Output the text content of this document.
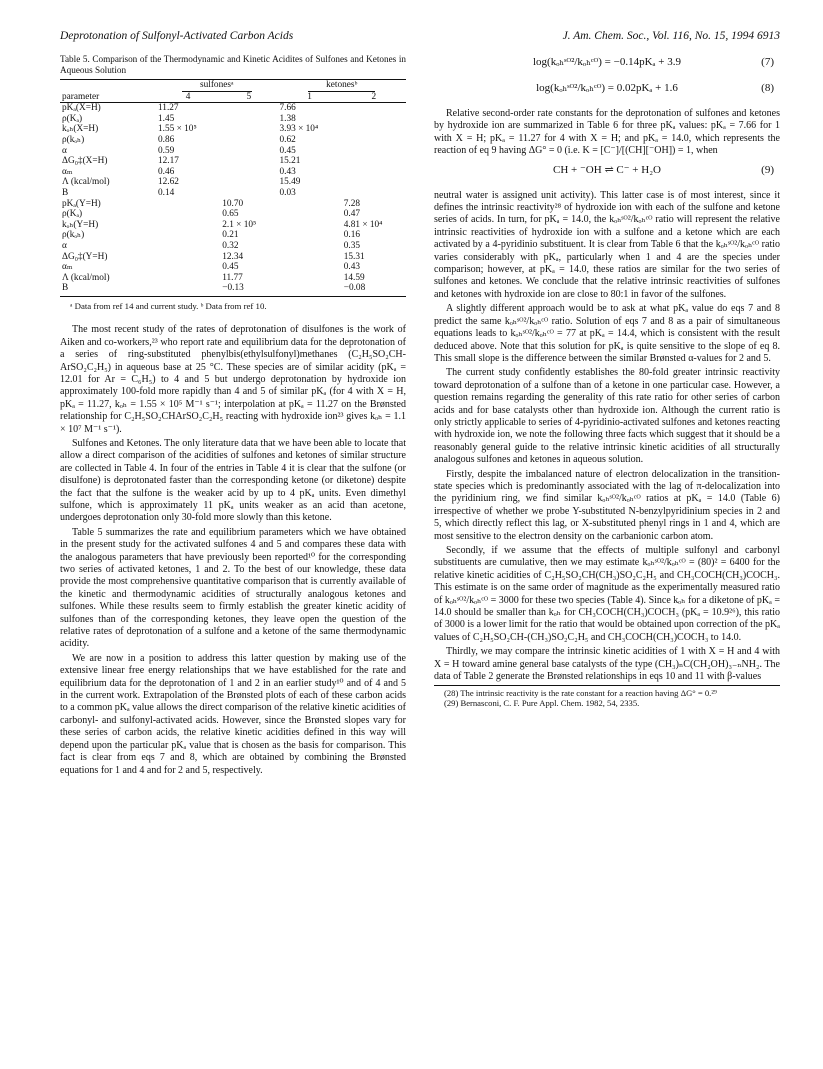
Deprotonation of Sulfonyl-Activated Carbon Acids	J. Am. Chem. Soc., Vol. 116, No. 15, 1994 6913
Table 5. Comparison of the Thermodynamic and Kinetic Acidites of Sulfones and Ketones in Aqueous Solution
	sulfonesᵃ		ketonesᵇ	
parameter	4	5	1	2
pKₐ(X=H)	11.27		7.66	
ρ(Kₐ)	1.45		1.38	
kₒₕ(X=H)	1.55 × 10⁵		3.93 × 10⁴	
ρ(kₒₕ)	0.86		0.62	
α	0.59		0.45	
ΔG₀‡(X=H)	12.17		15.21	
αₘ	0.46		0.43	
Λ (kcal/mol)	12.62		15.49	
B	0.14		0.03	
pKₐ(Y=H)		10.70		7.28
ρ(Kₐ)		0.65		0.47
kₒₕ(Y=H)		2.1 × 10⁵		4.81 × 10⁴
ρ(kₒₕ)		0.21		0.16
α		0.32		0.35
ΔG₀‡(Y=H)		12.34		15.31
αₘ		0.45		0.43
Λ (kcal/mol)		11.77		14.59
B		−0.13		−0.08
ᵃ Data from ref 14 and current study. ᵇ Data from ref 10.

The most recent study of the rates of deprotonation of disulfones is the work of Aiken and co-workers,²³ who report rate and equilibrium data for the deprotonation of a series of ring-substituted phenylbis(ethylsulfonyl)methanes (C₂H₅SO₂CH-ArSO₂C₂H₅) in aqueous base at 25 °C. These species are of similar acidity (pKₐ = 12.01 for Ar = C₆H₅) to 4 and 5 but undergo deprotonation by hydroxide ion approximately 100-fold more rapidly than 4 and 5 of similar pKₐ (for 4 with X = H, pKₐ = 11.27, kₒₕ = 1.55 × 10⁵ M⁻¹ s⁻¹; interpolation at pKₐ = 11.27 on the Brønsted relationship for C₂H₅SO₂CHArSO₂C₂H₅ reacting with hydroxide ion²³ gives kₒₕ = 1.1 × 10⁷ M⁻¹ s⁻¹).

Sulfones and Ketones. The only literature data that we have been able to locate that allow a direct comparison of the acidities of sulfones and ketones of similar structure are collected in Table 4. In four of the entries in Table 4 it is clear that the sulfone (or disulfone) is deprotonated faster than the corresponding ketone (or diketone) despite the fact that the sulfone is the weaker acid by up to 4 pKₐ units. Even dimethyl sulfone, which is approximately 11 pKₐ units weaker as an acid than acetone, undergoes deprotonation only 30-fold more slowly than this ketone.

Table 5 summarizes the rate and equilibrium parameters which we have obtained in the present study for the activated sulfones 4 and 5 and compares these data with the analogous parameters that have previously been reported¹⁰ for the corresponding two series of activated ketones, 1 and 2. To the best of our knowledge, these data provide the most comprehensive quantitative comparison that is currently available of the kinetic and thermodynamic acidities of structurally analogous ketones and sulfones. While these results seem to firmly establish the greater kinetic acidity of sulfones than of the corresponding ketones, they leave open the question of the relative rates of deprotonation of a sulfone and a ketone of the same thermodynamic acidity.

We are now in a position to address this latter question by making use of the extensive linear free energy relationships that we have established for the rate and equilibrium data for the deprotonation of 1 and 2 in an earlier study¹⁰ and of 4 and 5 in the current work. Extrapolation of the Brønsted plots of each of these carbon acids to a common pKₐ value allows the direct comparison of the relative kinetic acidities of carbonyl- and sulfonyl-activated acids. However, since the Brønsted slopes vary for these series of carbon acids, the relative kinetic acidities defined in this way will depend upon the particular pKₐ value that is chosen as the basis for comparison. This fact is clear from eqs 7 and 8, which are obtained by combining the Brønsted equations for 1 and 4 and for 2 and 5, respectively.

log(kₒₕˢᴼ²/kₒₕᶜᴼ) = −0.14pKₐ + 3.9	(7)
log(kₒₕˢᴼ²/kₒₕᶜᴼ) = 0.02pKₐ + 1.6	(8)

Relative second-order rate constants for the deprotonation of sulfones and ketones by hydroxide ion are summarized in Table 6 for three pKₐ values: pKₐ = 7.66 for 1 with X = H; pKₐ = 11.27 for 4 with X = H; and pKₐ = 14.0, which represents the reaction of eq 9 having ΔG° = 0 (i.e. K = [C⁻]/[(CH][⁻OH]) = 1, when

CH + ⁻OH ⇌ C⁻ + H₂O	(9)

neutral water is assigned unit activity). This latter case is of most interest, since it defines the intrinsic reactivity²⁸ of hydroxide ion with each of the sulfone and ketone series of acids. In turn, for pKₐ = 14.0, the kₒₕˢᴼ²/kₒₕᶜᴼ ratio will represent the relative intrinsic reactivities of hydroxide ion with a sulfone and a ketone which are each activated by a 4-pyridinio substituent. It is clear from Table 6 that the kₒₕˢᴼ²/kₒₕᶜᴼ ratio varies considerably with pKₐ, particularly when 1 and 4 are the species under comparison; however, at pKₐ = 14.0, these ratios are similar for the two series of sulfones and ketones. We conclude that the relative intrinsic reactivities of sulfones and ketones with hydroxide ion are close to 80:1 in favor of the sulfones.

A slightly different approach would be to ask at what pKₐ value do eqs 7 and 8 predict the same kₒₕˢᴼ²/kₒₕᶜᴼ ratio. Solution of eqs 7 and 8 as a pair of simultaneous equations leads to kₒₕˢᴼ²/kₒₕᶜᴼ = 77 at pKₐ = 14.4, which is consistent with the result deduced above. Note that this solution for pKₐ is quite sensitive to the slope of eq 8. This small slope is the difference between the similar Brønsted α-values for 2 and 5.

The current study confidently establishes the 80-fold greater intrinsic reactivity toward deprotonation of a sulfone than of a ketone in one particular case. However, a question remains regarding the generality of this rate ratio for other series of carbon acids and for base catalysts other than hydroxide ion. Although the current ratio is only strictly applicable to series of 4-pyridinio-activated sulfones and ketones reacting with hydroxide ion, we note the following three facts which suggest that it should be a reasonably general guide to the relative intrinsic kinetic acidities of all structurally analogous sulfones and ketones in aqueous solution.

Firstly, despite the imbalanced nature of electron delocalization in the transition-state species which is predominantly associated with the lag of π-delocalization into the pyridinium ring, we find similar kₒₕˢᴼ²/kₒₕᶜᴼ ratios at pKₐ = 14.0 (Table 6) irrespective of whether we probe Y-substituted N-benzylpyridinium species in 2 and 5, which directly reflect this lag, or X-substituted phenyl rings in 1 and 4, which are most sensitive to the electron density on the carbanionic carbon atom.

Secondly, if we assume that the effects of multiple sulfonyl and carbonyl substituents are cumulative, then we may estimate kₒₕˢᴼ²/kₒₕᶜᴼ = (80)² = 6400 for the relative kinetic acidities of C₂H₅SO₂CH(CH₃)SO₂C₂H₅ and CH₃COCH(CH₃)COCH₃. This estimate is on the same order of magnitude as the experimentally measured ratio of kₒₕˢᴼ²/kₒₕᶜᴼ = 3000 for these two species (Table 4). Since kₒₕ for a diketone of pKₐ = 14.0 should be smaller than kₒₕ for CH₃COCH(CH₃)COCH₃ (pKₐ = 10.9²⁶), this ratio of 3000 is a lower limit for the ratio that would be obtained upon correction of the pKₐ values of C₂H₅SO₂CH-(CH₃)SO₂C₂H₅ and CH₃COCH(CH₃)COCH₃ to 14.0.

Thirdly, we may compare the intrinsic kinetic acidities of 1 with X = H and 4 with X = H toward amine general base catalysts of the type (CH₃)ₙC(CH₂OH)₃₋ₙNH₂. The data of Table 2 generate the Brønsted relationships in eqs 10 and 11 with β-values

(28) The intrinsic reactivity is the rate constant for a reaction having ΔG° = 0.²⁹
(29) Bernasconi, C. F. Pure Appl. Chem. 1982, 54, 2335.
